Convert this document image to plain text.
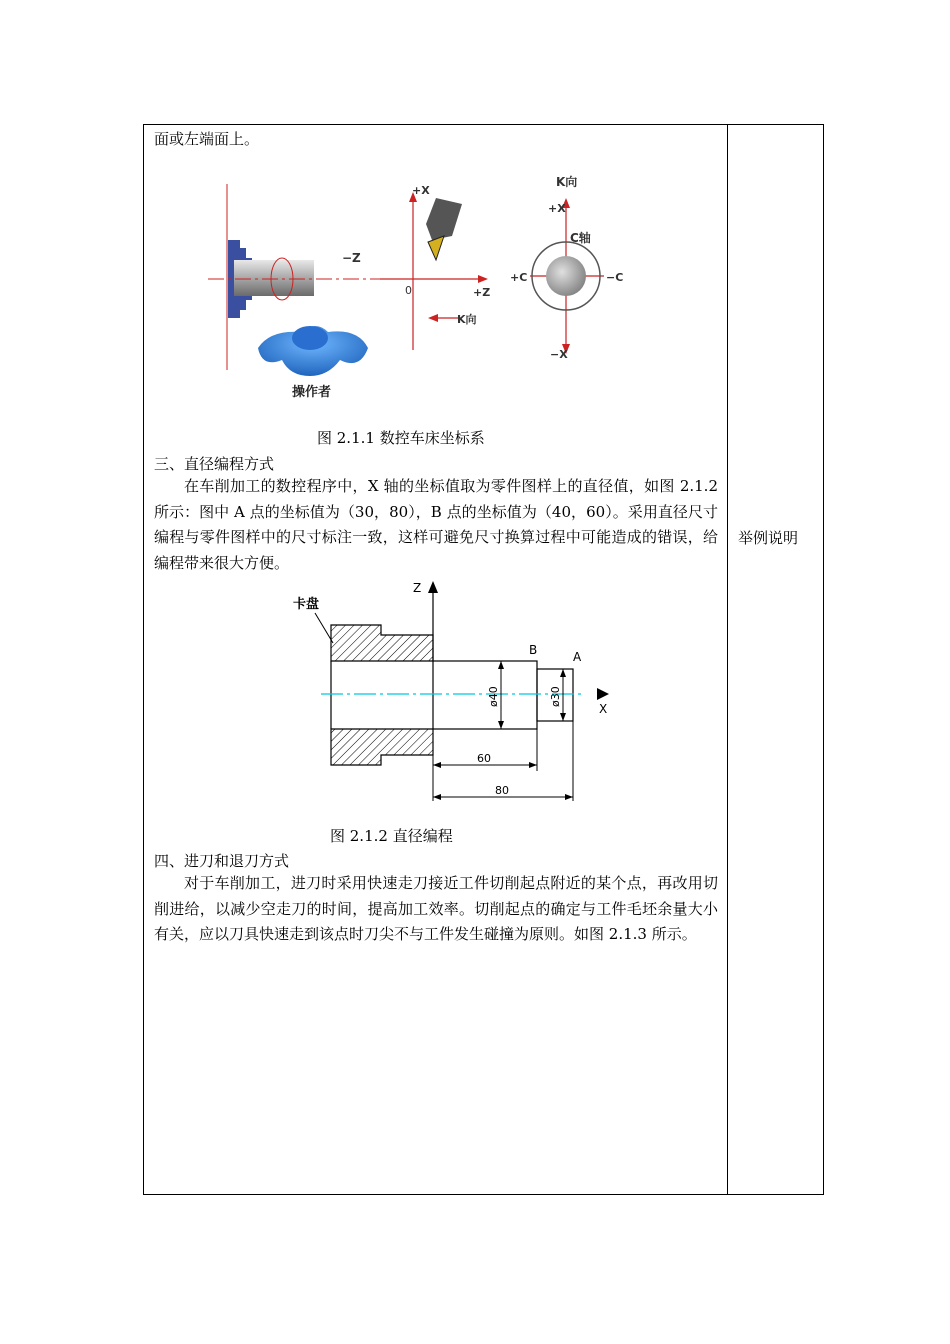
举例说明
面或左端面上。
−Z
+X
0	+Z
K向
操作者
K向
+X
C轴
+C	−C
−X
图 2.1.1 数控车床坐标系
三、直径编程方式
在车削加工的数控程序中，X 轴的坐标值取为零件图样上的直径值，如图 2.1.2 所示：图中 A 点的坐标值为（30，80），B 点的坐标值为（40，60）。采用直径尺寸编程与零件图样中的尺寸标注一致，这样可避免尺寸换算过程中可能造成的错误，给编程带来很大方便。
Z
卡盘
X
B	A
ø40	ø30
60
80
图 2.1.2 直径编程
四、进刀和退刀方式
对于车削加工，进刀时采用快速走刀接近工件切削起点附近的某个点，再改用切削进给，以减少空走刀的时间，提高加工效率。切削起点的确定与工件毛坯余量大小有关，应以刀具快速走到该点时刀尖不与工件发生碰撞为原则。如图 2.1.3 所示。
